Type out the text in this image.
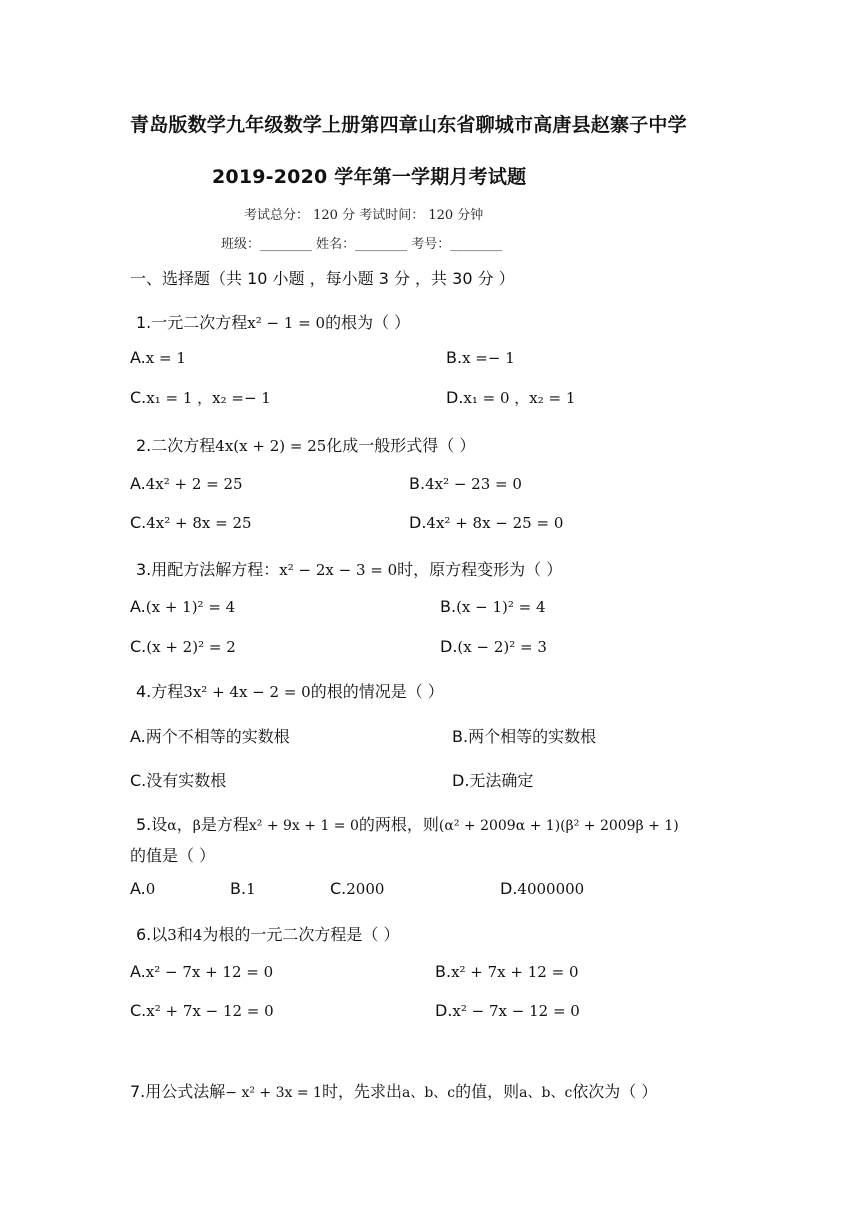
青岛版数学九年级数学上册第四章山东省聊城市高唐县赵寨子中学
2019-2020 学年第一学期月考试题
考试总分： 120 分 考试时间： 120 分钟
班级：________ 姓名：________ 考号：________
一、选择题（共 10 小题 ，每小题 3 分 ，共 30 分 ）
1.一元二次方程x² − 1 = 0的根为（ ）
A.x = 1	B.x =− 1
C.x₁ = 1 ，x₂ =− 1	D.x₁ = 0 ，x₂ = 1
2.二次方程4x(x + 2) = 25化成一般形式得（ ）
A.4x² + 2 = 25	B.4x² − 23 = 0
C.4x² + 8x = 25	D.4x² + 8x − 25 = 0
3.用配方法解方程：x² − 2x − 3 = 0时，原方程变形为（ ）
A.(x + 1)² = 4	B.(x − 1)² = 4
C.(x + 2)² = 2	D.(x − 2)² = 3
4.方程3x² + 4x − 2 = 0的根的情况是（ ）
A.两个不相等的实数根	B.两个相等的实数根
C.没有实数根	D.无法确定
5.设α，β是方程x² + 9x + 1 = 0的两根，则(α² + 2009α + 1)(β² + 2009β + 1)
的值是（ ）
A.0	B.1	C.2000	D.4000000
6.以3和4为根的一元二次方程是（ ）
A.x² − 7x + 12 = 0	B.x² + 7x + 12 = 0
C.x² + 7x − 12 = 0	D.x² − 7x − 12 = 0
7.用公式法解− x² + 3x = 1时，先求出a、b、c的值，则a、b、c依次为（ ）
